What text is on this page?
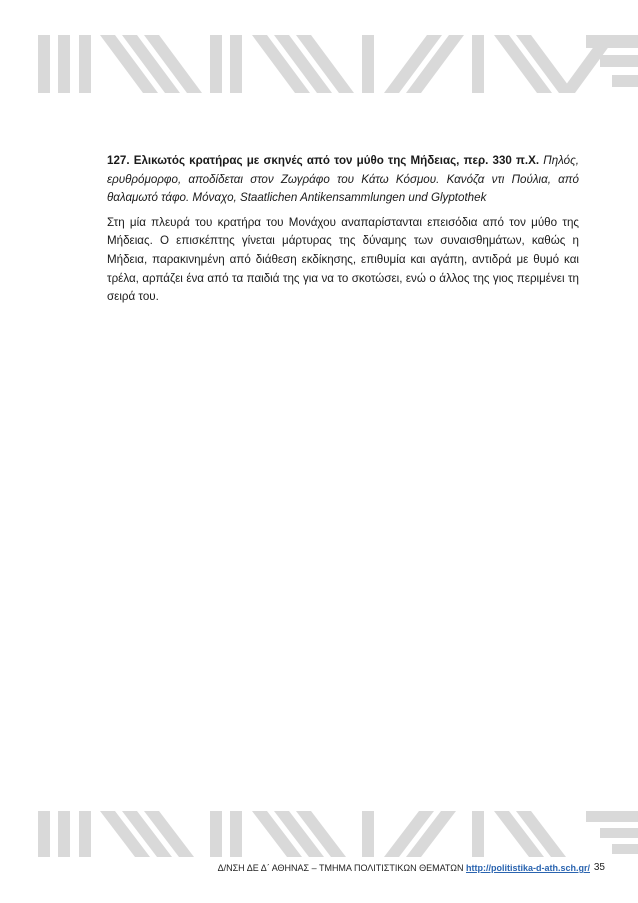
127. Ελικωτός κρατήρας με σκηνές από τον μύθο της Μήδειας, περ. 330 π.Χ. Πηλός, ερυθρόμορφο, αποδίδεται στον Ζωγράφο του Κάτω Κόσμου. Κανόζα ντι Πούλια, από θαλαμωτό τάφο. Μόναχο, Staatlichen Antikensammlungen und Glyptothek

Στη μία πλευρά του κρατήρα του Μονάχου αναπαρίστανται επεισόδια από τον μύθο της Μήδειας. Ο επισκέπτης γίνεται μάρτυρας της δύναμης των συναισθημάτων, καθώς η Μήδεια, παρακινημένη από διάθεση εκδίκησης, επιθυμία και αγάπη, αντιδρά με θυμό και τρέλα, αρπάζει ένα από τα παιδιά της για να το σκοτώσει, ενώ ο άλλος της γιος περιμένει τη σειρά του.

Δ/ΝΣΗ ΔΕ Δ΄ ΑΘΗΝΑΣ – ΤΜΗΜΑ ΠΟΛΙΤΙΣΤΙΚΩΝ ΘΕΜΑΤΩΝ http://politistika-d-ath.sch.gr/ 35
